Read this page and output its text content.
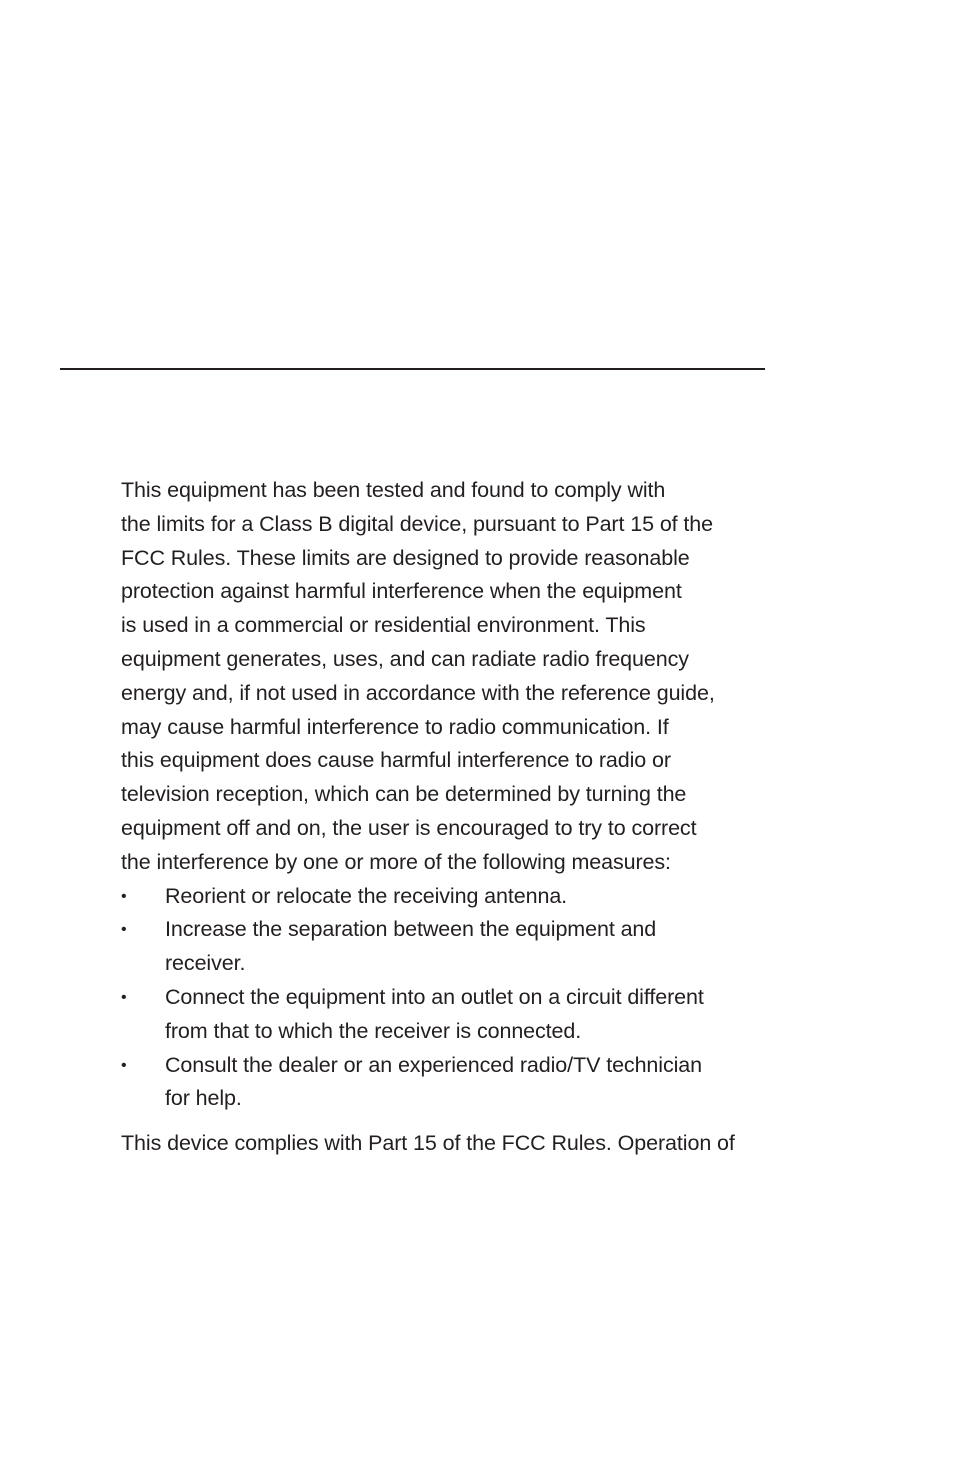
This equipment has been tested and found to comply with
the limits for a Class B digital device, pursuant to Part 15 of the
FCC Rules. These limits are designed to provide reasonable
protection against harmful interference when the equipment
is used in a commercial or residential environment. This
equipment generates, uses, and can radiate radio frequency
energy and, if not used in accordance with the reference guide,
may cause harmful interference to radio communication. If
this equipment does cause harmful interference to radio or
television reception, which can be determined by turning the
equipment off and on, the user is encouraged to try to correct
the interference by one or more of the following measures:

• Reorient or relocate the receiving antenna.
• Increase the separation between the equipment and
receiver.
• Connect the equipment into an outlet on a circuit different
from that to which the receiver is connected.
• Consult the dealer or an experienced radio/TV technician
for help.

This device complies with Part 15 of the FCC Rules. Operation of
